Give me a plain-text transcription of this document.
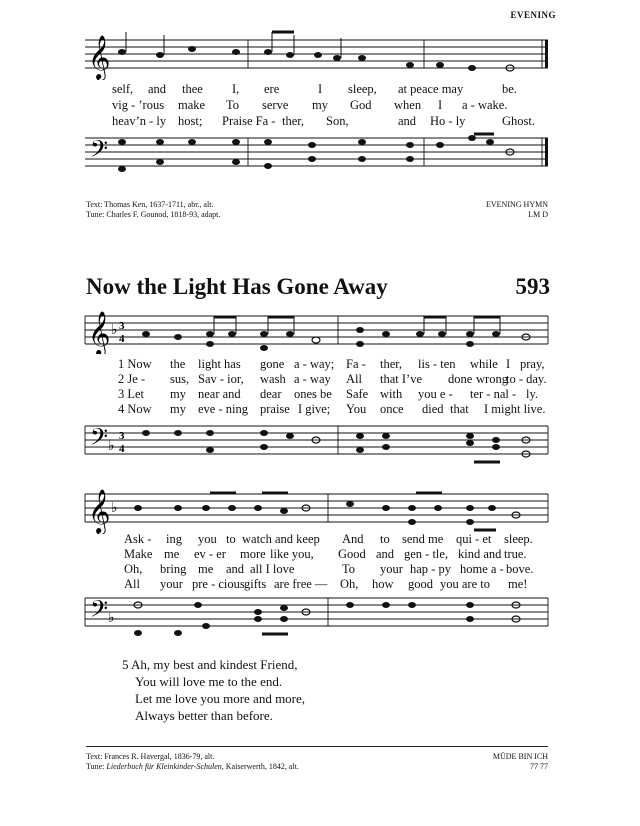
EVENING
𝄞
self, and thee I, ere	I sleep, at peace may	be.
vig - ’rous make To serve my God when I a - wake.
heav’n - ly host; Praise Fa - ther, Son,	and Ho - ly	Ghost.
𝄢
Text: Thomas Ken, 1637-1711, abr., alt.
Tune: Charles F. Gounod, 1818-93, adapt.
EVENING HYMN
LM D
Now the Light Has Gone Away	593
𝄞 ♭ 3
4
1 Now the light has gone a - way; Fa - ther, lis - ten while I pray,
2 Je - sus, Sav - ior, wash a - way All that I’ve done wrong
to - day.
3 Let my near and dear ones be Safe with you e - ter - nal - ly.
4 Now my eve - ning praise I give; You once died that I might live.
𝄢 ♭
3
4
𝄞 ♭
Ask - ing you to watch and keep And to send me qui - et sleep.
Make me ev - er more like you, Good and gen - tle, kind and true.
Oh, bring me and all I love	To your hap - py home a - bove.
All your pre - cious gifts are free — Oh, how good you are to me!
𝄢 ♭
5 Ah, my best and kindest Friend,
You will love me to the end.
Let me love you more and more,
Always better than before.
Text: Frances R. Havergal, 1836-79, alt.
Tune: Liederbuch für Kleinkinder-Schulen, Kaiserwerth, 1842, alt.
MÜDE BIN ICH
77 77
